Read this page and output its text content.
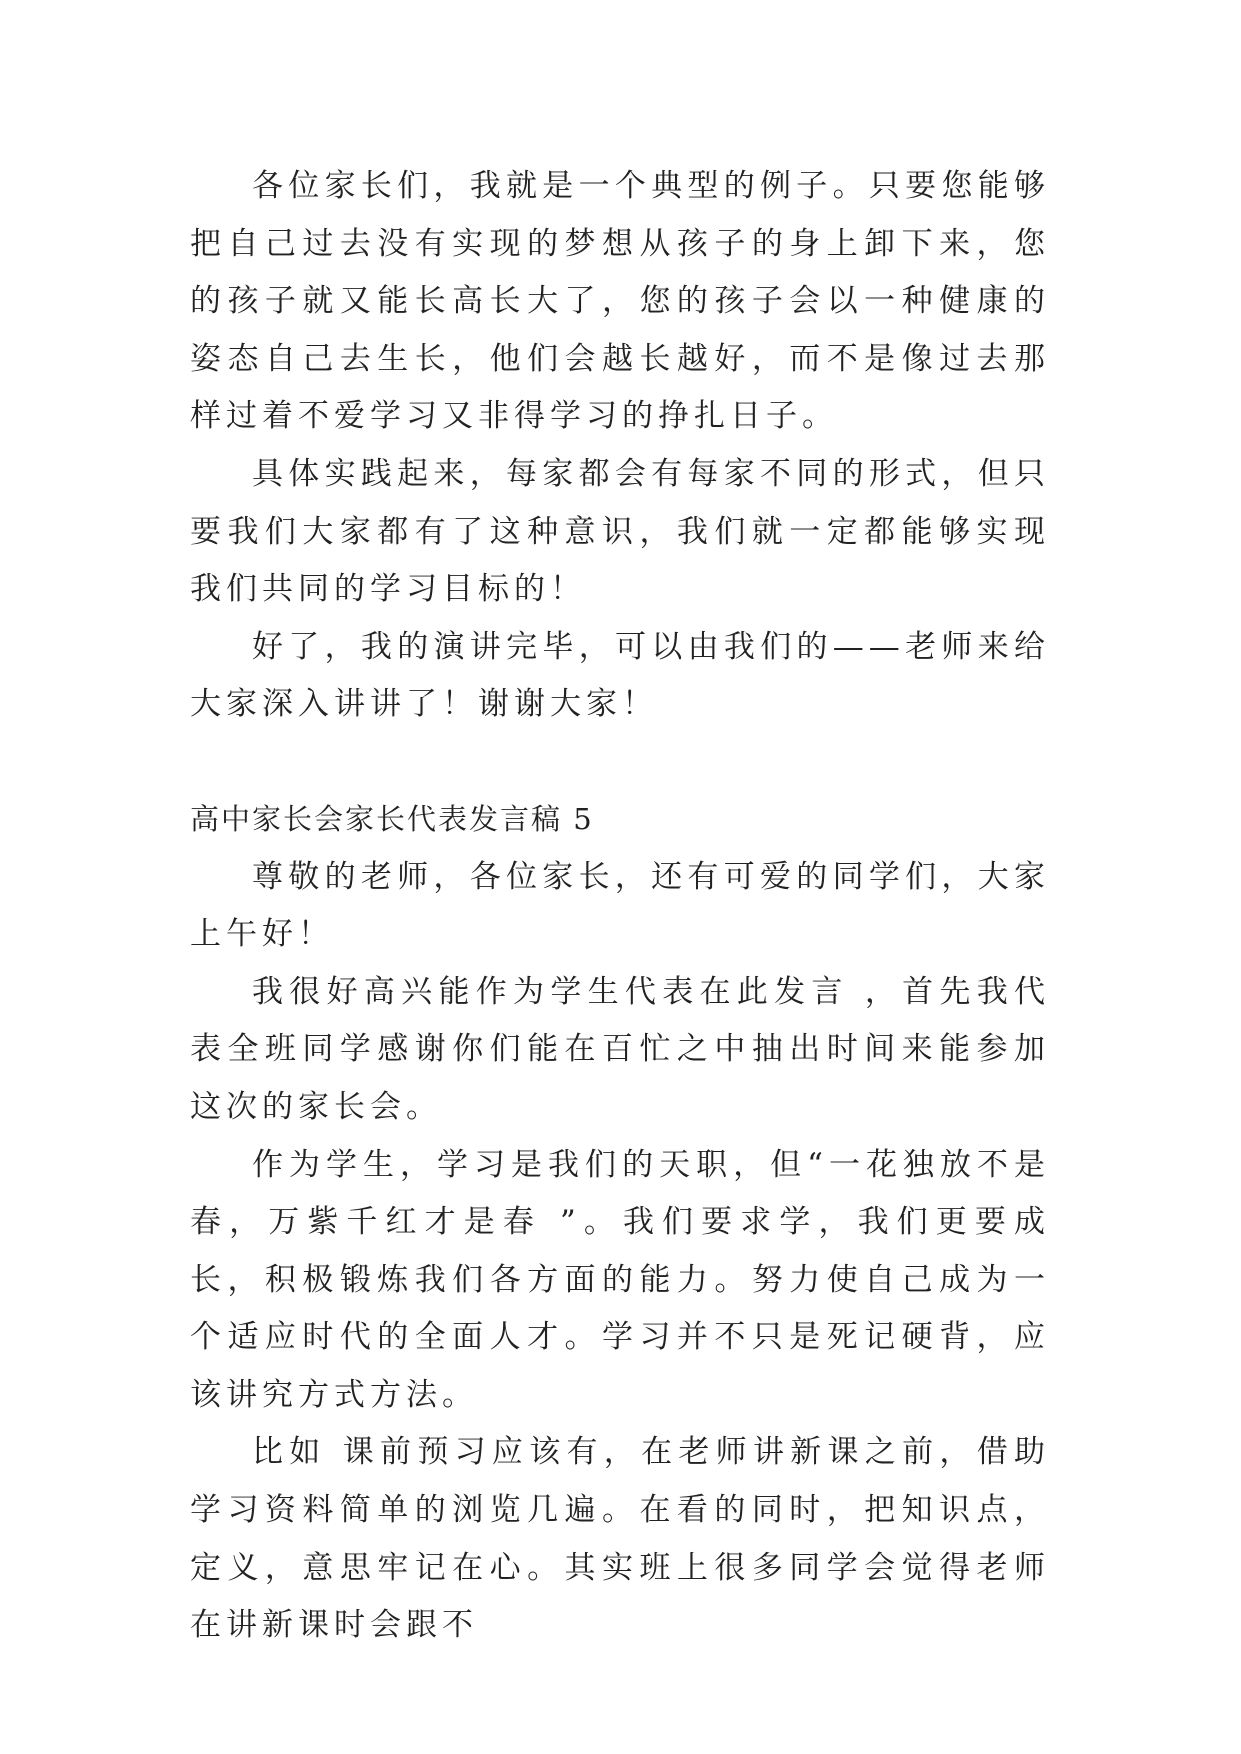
各位家长们，我就是一个典型的例子。只要您能够把自己过去没有实现的梦想从孩子的身上卸下来，您的孩子就又能长高长大了，您的孩子会以一种健康的姿态自己去生长，他们会越长越好，而不是像过去那样过着不爱学习又非得学习的挣扎日子。

具体实践起来，每家都会有每家不同的形式，但只要我们大家都有了这种意识，我们就一定都能够实现我们共同的学习目标的！

好了，我的演讲完毕，可以由我们的——老师来给大家深入讲讲了！谢谢大家！

高中家长会家长代表发言稿 5

尊敬的老师，各位家长，还有可爱的同学们，大家上午好！

我很好高兴能作为学生代表在此发言 ，首先我代表全班同学感谢你们能在百忙之中抽出时间来能参加这次的家长会。

作为学生，学习是我们的天职，但“一花独放不是春，万紫千红才是春 ”。我们要求学，我们更要成长，积极锻炼我们各方面的能力。努力使自己成为一个适应时代的全面人才。学习并不只是死记硬背，应该讲究方式方法。

比如 课前预习应该有，在老师讲新课之前，借助学习资料简单的浏览几遍。在看的同时，把知识点，定义，意思牢记在心。其实班上很多同学会觉得老师在讲新课时会跟不
